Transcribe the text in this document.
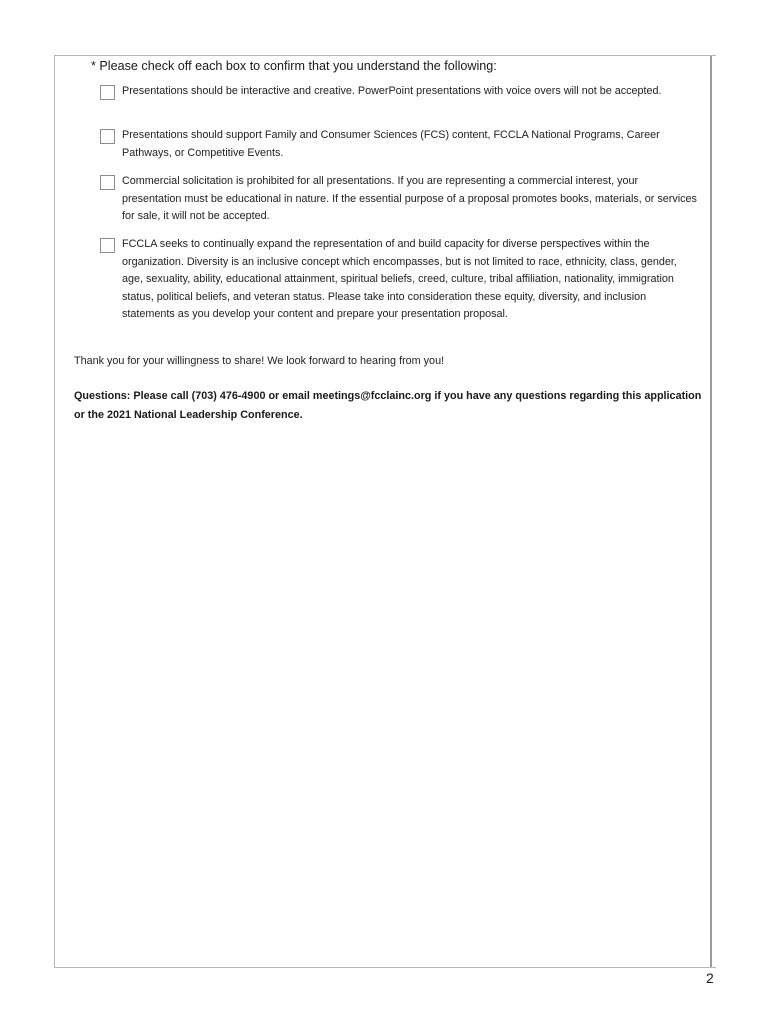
* Please check off each box to confirm that you understand the following:
Presentations should be interactive and creative. PowerPoint presentations with voice overs will not be accepted.
Presentations should support Family and Consumer Sciences (FCS) content, FCCLA National Programs, Career Pathways, or Competitive Events.
Commercial solicitation is prohibited for all presentations. If you are representing a commercial interest, your presentation must be educational in nature. If the essential purpose of a proposal promotes books, materials, or services for sale, it will not be accepted.
FCCLA seeks to continually expand the representation of and build capacity for diverse perspectives within the organization. Diversity is an inclusive concept which encompasses, but is not limited to race, ethnicity, class, gender, age, sexuality, ability, educational attainment, spiritual beliefs, creed, culture, tribal affiliation, nationality, immigration status, political beliefs, and veteran status. Please take into consideration these equity, diversity, and inclusion statements as you develop your content and prepare your presentation proposal.
Thank you for your willingness to share! We look forward to hearing from you!
Questions: Please call (703) 476-4900 or email meetings@fcclainc.org if you have any questions regarding this application or the 2021 National Leadership Conference.
2
